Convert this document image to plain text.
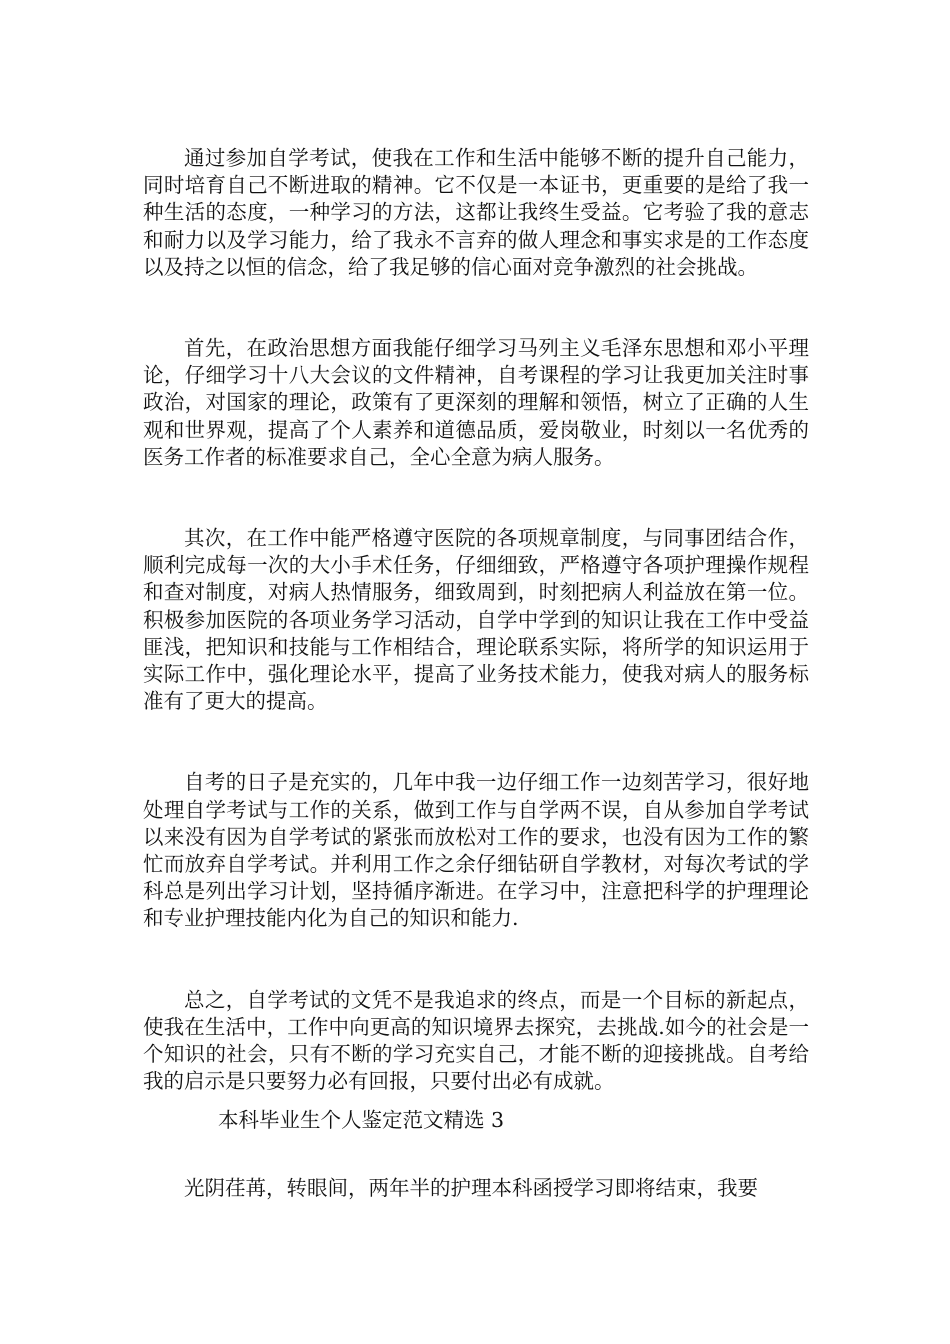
通过参加自学考试，使我在工作和生活中能够不断的提升自己能力，同时培育自己不断进取的精神。它不仅是一本证书，更重要的是给了我一种生活的态度，一种学习的方法，这都让我终生受益。它考验了我的意志和耐力以及学习能力，给了我永不言弃的做人理念和事实求是的工作态度以及持之以恒的信念，给了我足够的信心面对竞争激烈的社会挑战。

首先，在政治思想方面我能仔细学习马列主义毛泽东思想和邓小平理论，仔细学习十八大会议的文件精神，自考课程的学习让我更加关注时事政治，对国家的理论，政策有了更深刻的理解和领悟，树立了正确的人生观和世界观，提高了个人素养和道德品质，爱岗敬业，时刻以一名优秀的医务工作者的标准要求自己，全心全意为病人服务。

其次，在工作中能严格遵守医院的各项规章制度，与同事团结合作，顺利完成每一次的大小手术任务，仔细细致，严格遵守各项护理操作规程和查对制度，对病人热情服务，细致周到，时刻把病人利益放在第一位。积极参加医院的各项业务学习活动，自学中学到的知识让我在工作中受益匪浅，把知识和技能与工作相结合，理论联系实际，将所学的知识运用于实际工作中，强化理论水平，提高了业务技术能力，使我对病人的服务标准有了更大的提高。

自考的日子是充实的，几年中我一边仔细工作一边刻苦学习，很好地处理自学考试与工作的关系，做到工作与自学两不误，自从参加自学考试以来没有因为自学考试的紧张而放松对工作的要求，也没有因为工作的繁忙而放弃自学考试。并利用工作之余仔细钻研自学教材，对每次考试的学科总是列出学习计划，坚持循序渐进。在学习中，注意把科学的护理理论和专业护理技能内化为自己的知识和能力.

总之，自学考试的文凭不是我追求的终点，而是一个目标的新起点，使我在生活中，工作中向更高的知识境界去探究，去挑战.如今的社会是一个知识的社会，只有不断的学习充实自己，才能不断的迎接挑战。自考给我的启示是只要努力必有回报，只要付出必有成就。

本科毕业生个人鉴定范文精选 3

光阴荏苒，转眼间，两年半的护理本科函授学习即将结束，我要
